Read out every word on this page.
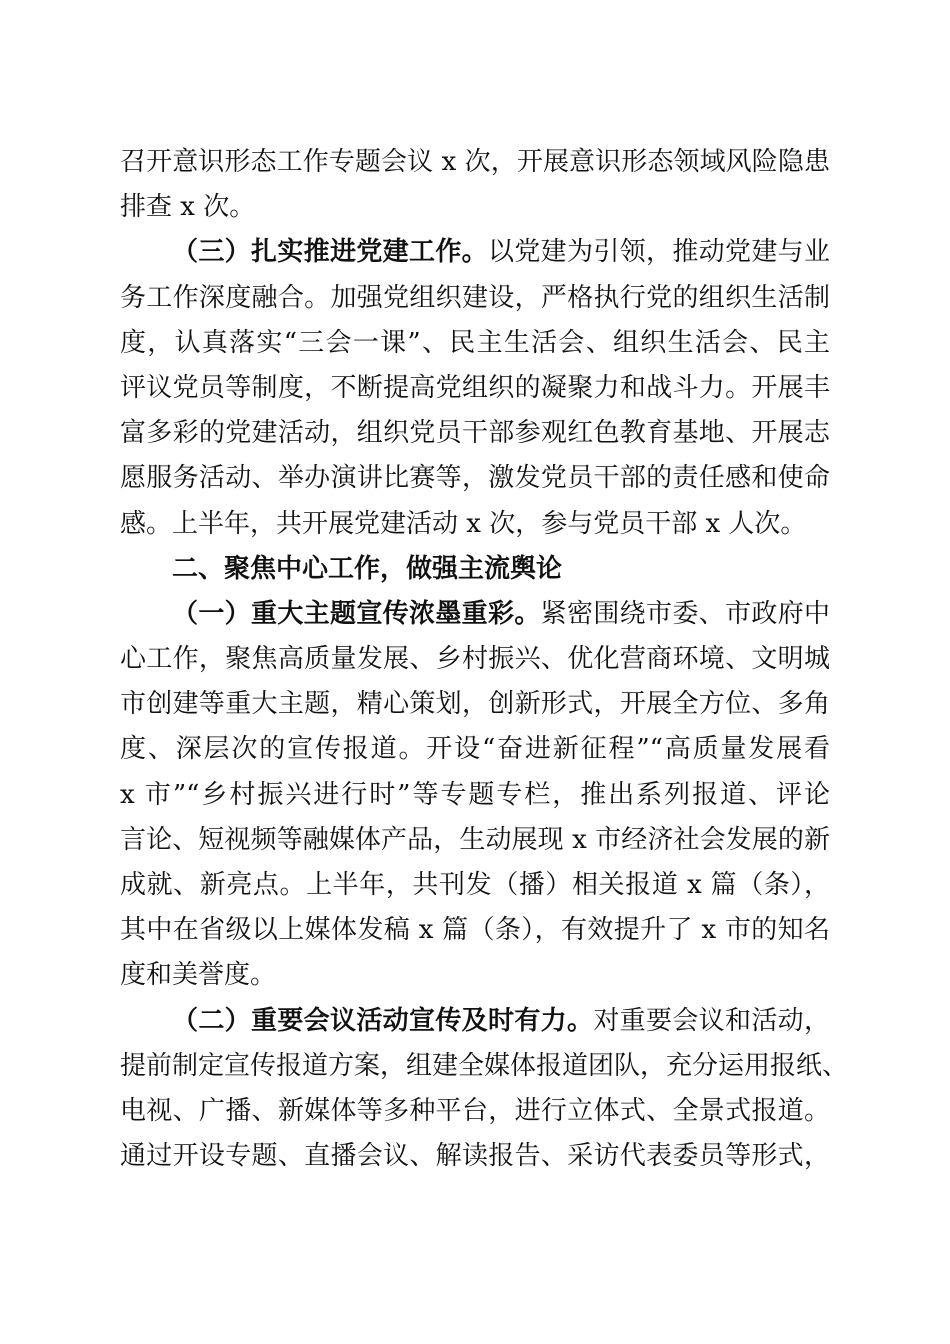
召开意识形态工作专题会议 x 次，开展意识形态领域风险隐患
排查 x 次。
（三）扎实推进党建工作。以党建为引领，推动党建与业
务工作深度融合。加强党组织建设，严格执行党的组织生活制
度，认真落实“三会一课”、民主生活会、组织生活会、民主
评议党员等制度，不断提高党组织的凝聚力和战斗力。开展丰
富多彩的党建活动，组织党员干部参观红色教育基地、开展志
愿服务活动、举办演讲比赛等，激发党员干部的责任感和使命
感。上半年，共开展党建活动 x 次，参与党员干部 x 人次。
二、聚焦中心工作，做强主流舆论
（一）重大主题宣传浓墨重彩。紧密围绕市委、市政府中
心工作，聚焦高质量发展、乡村振兴、优化营商环境、文明城
市创建等重大主题，精心策划，创新形式，开展全方位、多角
度、深层次的宣传报道。开设“奋进新征程”“高质量发展看
x 市”“乡村振兴进行时”等专题专栏，推出系列报道、评论
言论、短视频等融媒体产品，生动展现 x 市经济社会发展的新
成就、新亮点。上半年，共刊发（播）相关报道 x 篇（条），
其中在省级以上媒体发稿 x 篇（条），有效提升了 x 市的知名
度和美誉度。
（二）重要会议活动宣传及时有力。对重要会议和活动，
提前制定宣传报道方案，组建全媒体报道团队，充分运用报纸、
电视、广播、新媒体等多种平台，进行立体式、全景式报道。
通过开设专题、直播会议、解读报告、采访代表委员等形式，
